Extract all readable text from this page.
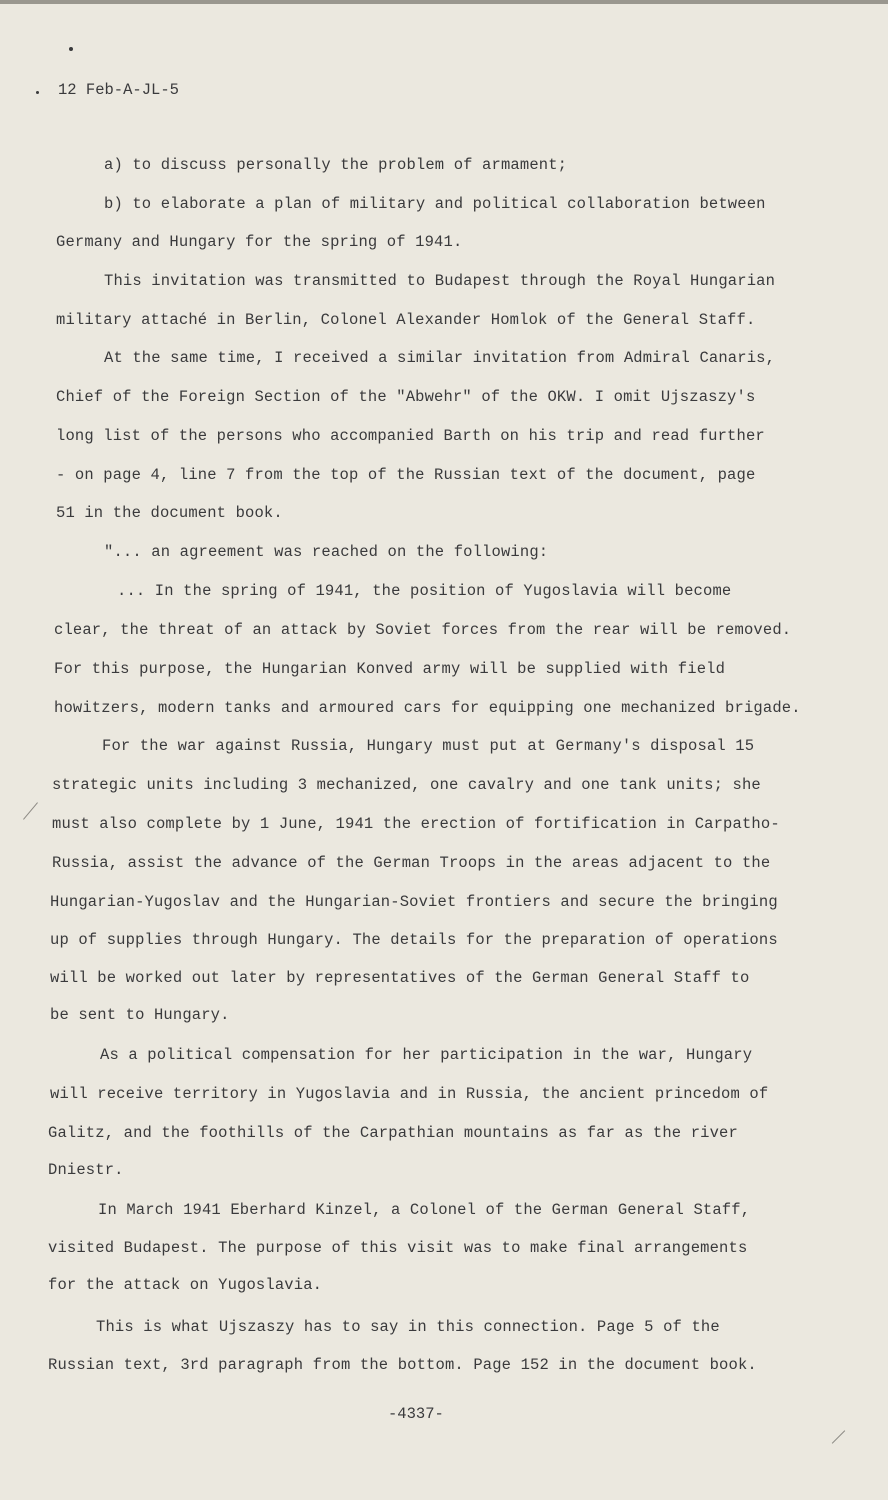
12 Feb-A-JL-5
a) to discuss personally the problem of armament;
b) to elaborate a plan of military and political collaboration between
Germany and Hungary for the spring of 1941.
This invitation was transmitted to Budapest through the Royal Hungarian
military attaché in Berlin, Colonel Alexander Homlok of the General Staff.
At the same time, I received a similar invitation from Admiral Canaris,
Chief of the Foreign Section of the "Abwehr" of the OKW. I omit Ujszaszy's
long list of the persons who accompanied Barth on his trip and read further
- on page 4, line 7 from the top of the Russian text of the document, page
51 in the document book.
"... an agreement was reached on the following:
... In the spring of 1941, the position of Yugoslavia will become
clear, the threat of an attack by Soviet forces from the rear will be removed.
For this purpose, the Hungarian Konved army will be supplied with field
howitzers, modern tanks and armoured cars for equipping one mechanized brigade.
For the war against Russia, Hungary must put at Germany's disposal 15
strategic units including 3 mechanized, one cavalry and one tank units; she
must also complete by 1 June, 1941 the erection of fortification in Carpatho-
Russia, assist the advance of the German Troops in the areas adjacent to the
Hungarian-Yugoslav and the Hungarian-Soviet frontiers and secure the bringing
up of supplies through Hungary. The details for the preparation of operations
will be worked out later by representatives of the German General Staff to
be sent to Hungary.
As a political compensation for her participation in the war, Hungary
will receive territory in Yugoslavia and in Russia, the ancient princedom of
Galitz, and the foothills of the Carpathian mountains as far as the river
Dniestr.
In March 1941 Eberhard Kinzel, a Colonel of the German General Staff,
visited Budapest. The purpose of this visit was to make final arrangements
for the attack on Yugoslavia.
This is what Ujszaszy has to say in this connection. Page 5 of the
Russian text, 3rd paragraph from the bottom. Page 152 in the document book.
-4337-
